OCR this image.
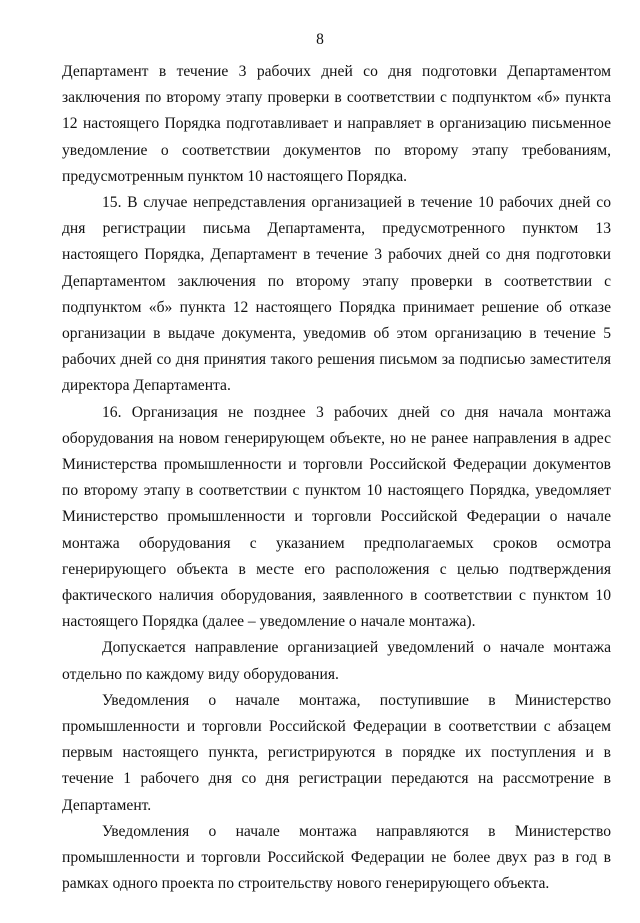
8

Департамент в течение 3 рабочих дней со дня подготовки Департаментом заключения по второму этапу проверки в соответствии с подпунктом «б» пункта 12 настоящего Порядка подготавливает и направляет в организацию письменное уведомление о соответствии документов по второму этапу требованиям, предусмотренным пунктом 10 настоящего Порядка.

15. В случае непредставления организацией в течение 10 рабочих дней со дня регистрации письма Департамента, предусмотренного пунктом 13 настоящего Порядка, Департамент в течение 3 рабочих дней со дня подготовки Департаментом заключения по второму этапу проверки в соответствии с подпунктом «б» пункта 12 настоящего Порядка принимает решение об отказе организации в выдаче документа, уведомив об этом организацию в течение 5 рабочих дней со дня принятия такого решения письмом за подписью заместителя директора Департамента.

16. Организация не позднее 3 рабочих дней со дня начала монтажа оборудования на новом генерирующем объекте, но не ранее направления в адрес Министерства промышленности и торговли Российской Федерации документов по второму этапу в соответствии с пунктом 10 настоящего Порядка, уведомляет Министерство промышленности и торговли Российской Федерации о начале монтажа оборудования с указанием предполагаемых сроков осмотра генерирующего объекта в месте его расположения с целью подтверждения фактического наличия оборудования, заявленного в соответствии с пунктом 10 настоящего Порядка (далее – уведомление о начале монтажа).

Допускается направление организацией уведомлений о начале монтажа отдельно по каждому виду оборудования.

Уведомления о начале монтажа, поступившие в Министерство промышленности и торговли Российской Федерации в соответствии с абзацем первым настоящего пункта, регистрируются в порядке их поступления и в течение 1 рабочего дня со дня регистрации передаются на рассмотрение в Департамент.

Уведомления о начале монтажа направляются в Министерство промышленности и торговли Российской Федерации не более двух раз в год в рамках одного проекта по строительству нового генерирующего объекта.
